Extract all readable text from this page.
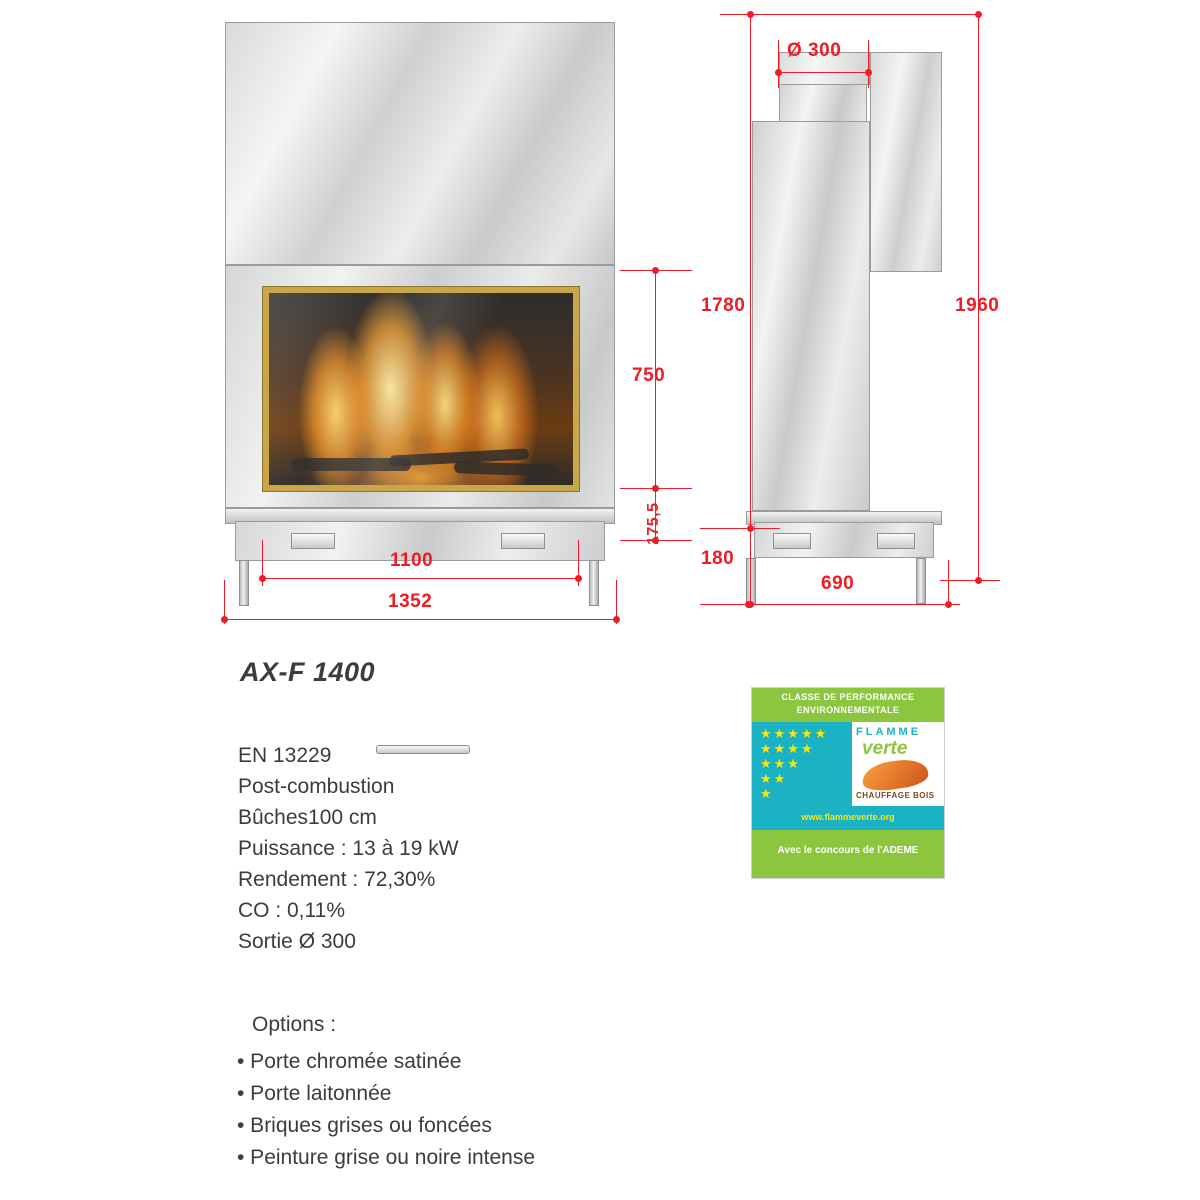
750
175,5
1100
1352
Ø 300
1780
180
1960
690
AX-F 1400
EN 13229
Post-combustion
Bûches100 cm
Puissance : 13 à 19 kW
Rendement : 72,30%
CO : 0,11%
Sortie Ø 300
Options :
• Porte chromée satinée
• Porte laitonnée
• Briques grises ou foncées
• Peinture grise ou noire intense
CLASSE DE PERFORMANCE
ENVIRONNEMENTALE
★★★★★
★★★★
★★★
★★
★
FLAMME
verte
CHAUFFAGE BOIS
www.flammeverte.org
Avec le concours de l'ADEME
